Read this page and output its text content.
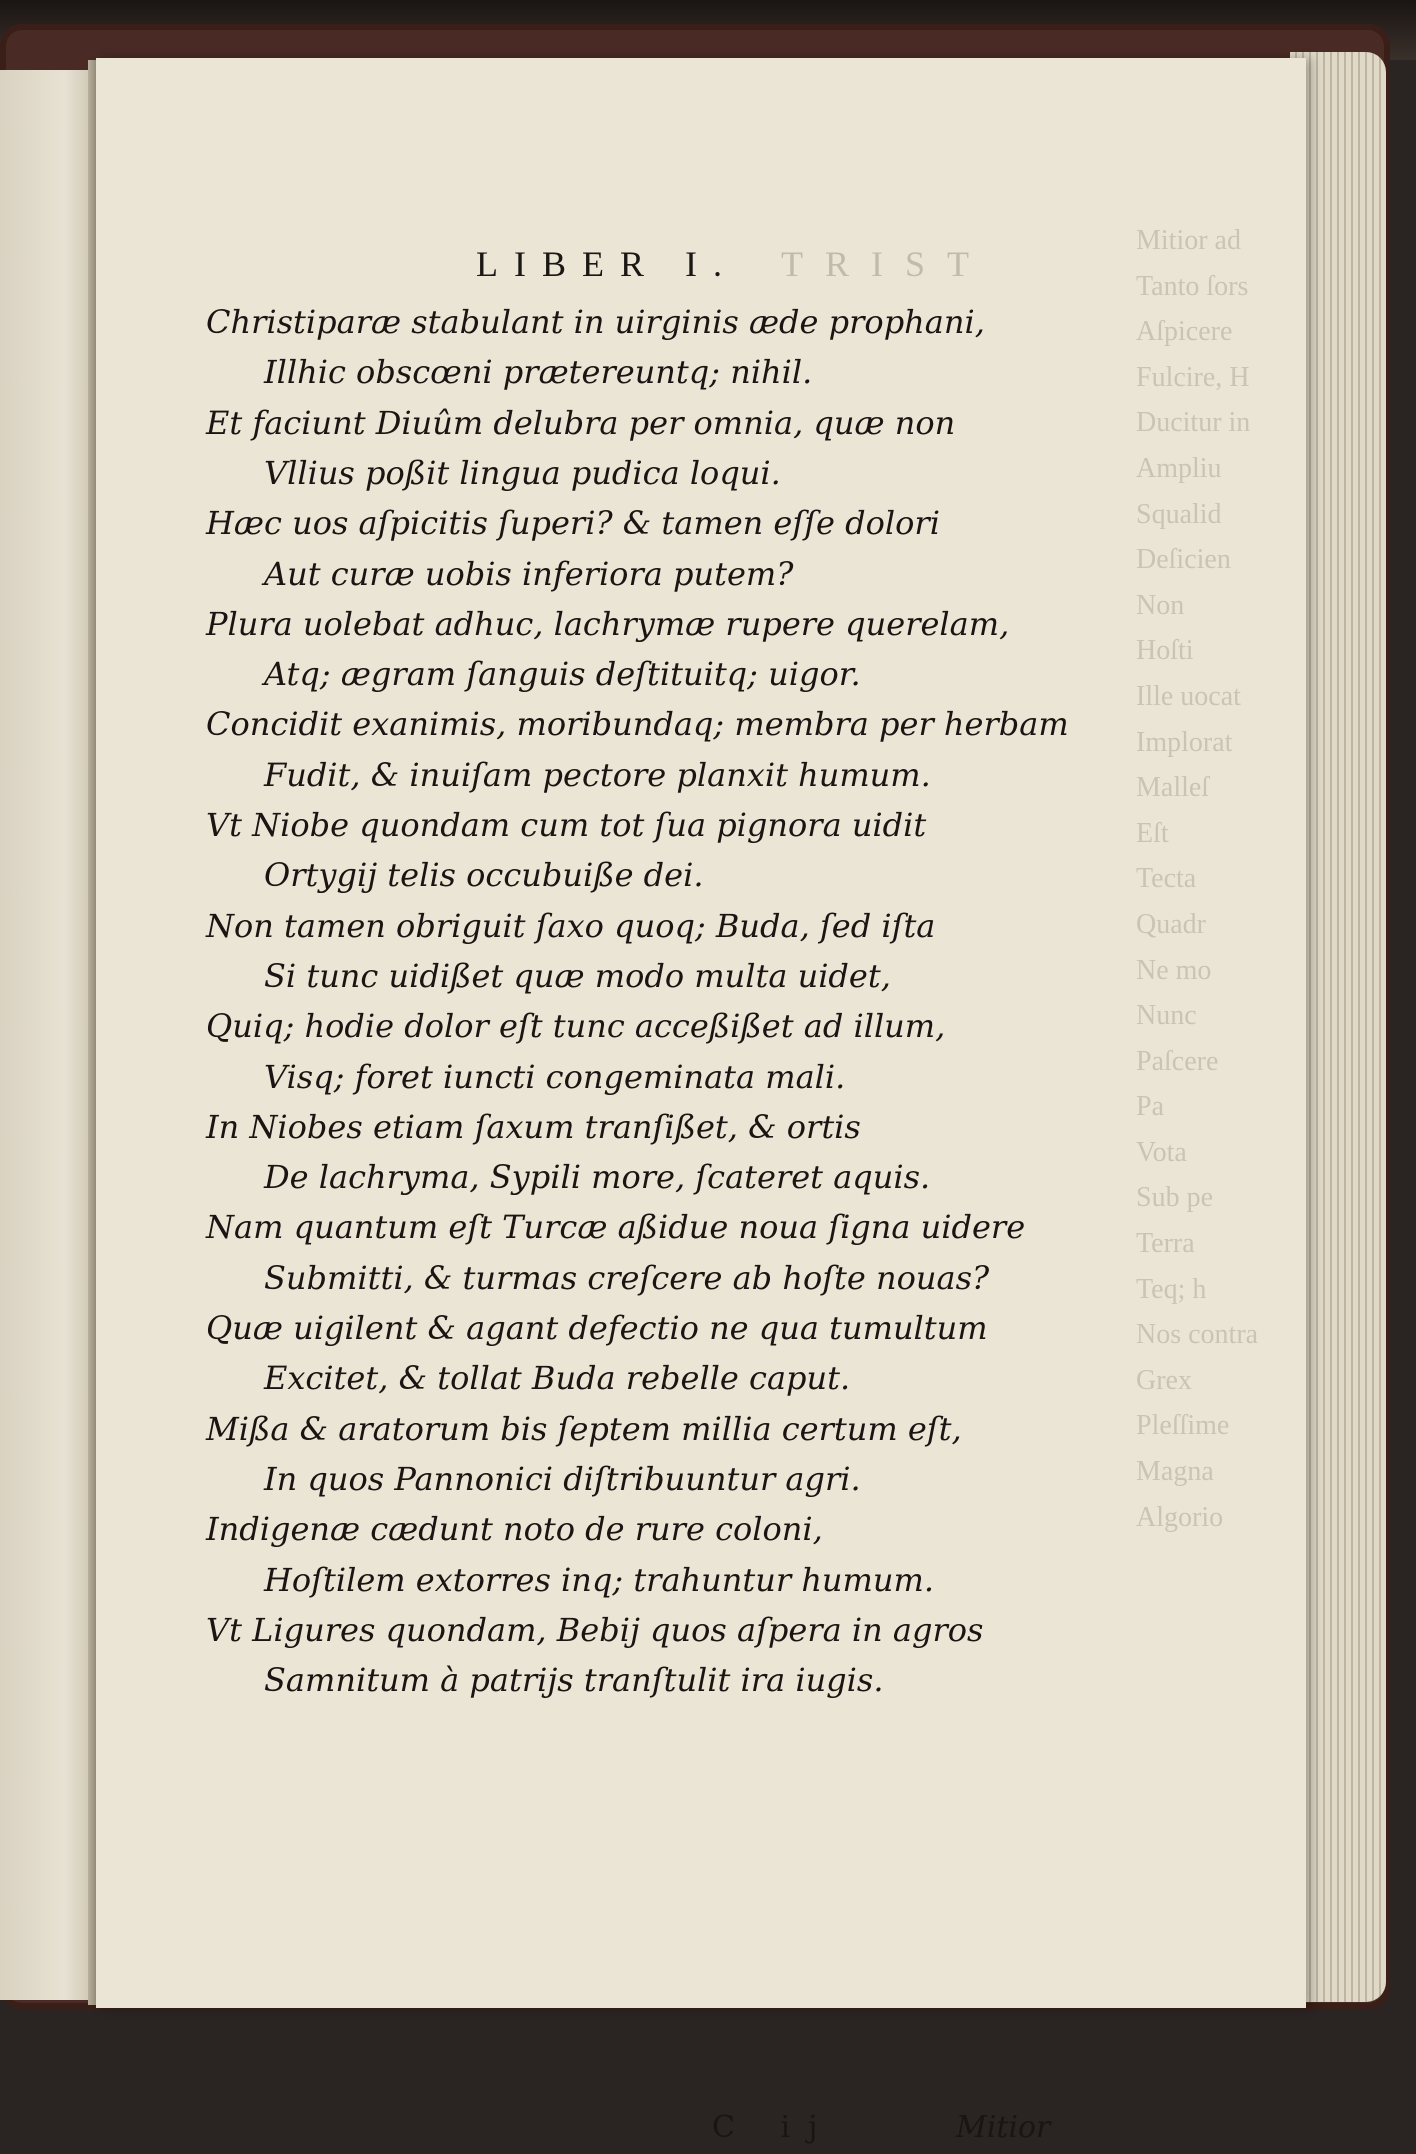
Mitior ad
Tanto ſors
Aſpicere
Fulcire, H
Ducitur in
Ampliu
Squalid
Deſicien
Non
Hoſti
Ille uocat
Implorat
Malleſ
Eſt
Tecta
Quadr
Ne mo
Nunc
Paſcere
Pa
Vota
Sub pe
Terra
Teq; h
Nos contra
Grex
Pleſſime
Magna
Algorio
LIBER I. TRIST
Christiparæ stabulant in uirginis æde prophani,
Illhic obscœni prætereuntq; nihil.
Et faciunt Diuûm delubra per omnia, quæ non
Vllius poßit lingua pudica loqui.
Hæc uos aſpicitis ſuperi? & tamen eſſe dolori
Aut curæ uobis inferiora putem?
Plura uolebat adhuc, lachrymæ rupere querelam,
Atq; ægram ſanguis deſtituitq; uigor.
Concidit exanimis, moribundaq; membra per herbam
Fudit, & inuiſam pectore planxit humum.
Vt Niobe quondam cum tot ſua pignora uidit
Ortygij telis occubuiße dei.
Non tamen obriguit ſaxo quoq; Buda, ſed iſta
Si tunc uidißet quæ modo multa uidet,
Quiq; hodie dolor eſt tunc acceßißet ad illum,
Visq; foret iuncti congeminata mali.
In Niobes etiam ſaxum tranſißet, & ortis
De lachryma, Sypili more, ſcateret aquis.
Nam quantum eſt Turcæ aßidue noua ſigna uidere
Submitti, & turmas creſcere ab hoſte nouas?
Quæ uigilent & agant defectio ne qua tumultum
Excitet, & tollat Buda rebelle caput.
Mißa & aratorum bis ſeptem millia certum eſt,
In quos Pannonici diſtribuuntur agri.
Indigenæ cædunt noto de rure coloni,
Hoſtilem extorres inq; trahuntur humum.
Vt Ligures quondam, Bebij quos aſpera in agros
Samnitum à patrijs tranſtulit ira iugis.
C ij	Mitior
